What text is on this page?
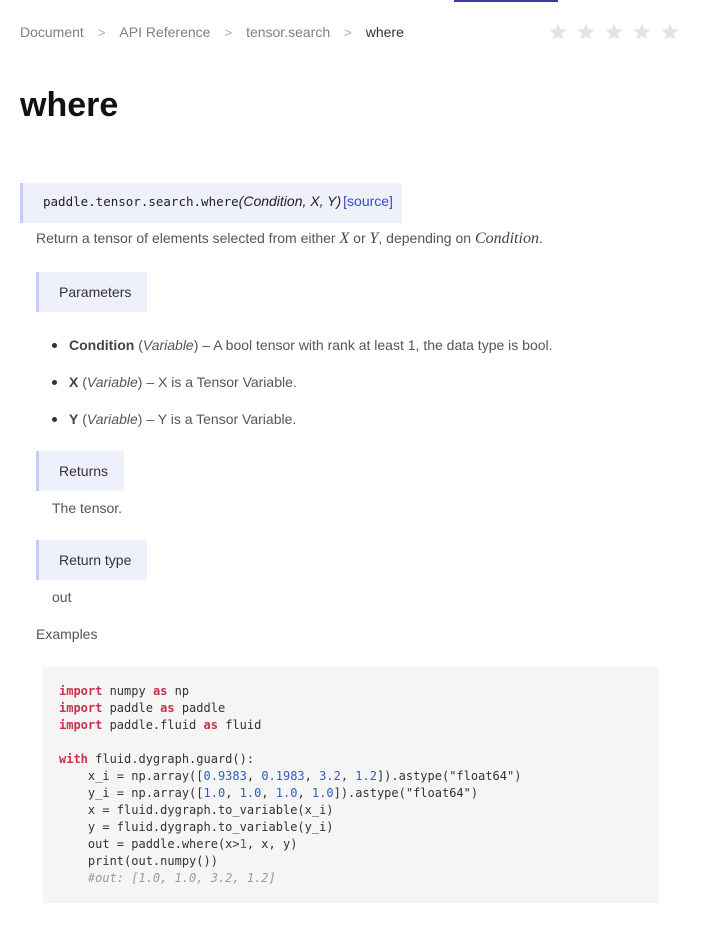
Document > API Reference > tensor.search > where
where
paddle.tensor.search.where(Condition, X, Y) [source]
Return a tensor of elements selected from either X or Y, depending on Condition.
Parameters
Condition (Variable) – A bool tensor with rank at least 1, the data type is bool.
X (Variable) – X is a Tensor Variable.
Y (Variable) – Y is a Tensor Variable.
Returns
The tensor.
Return type
out
Examples
import numpy as np
import paddle as paddle
import paddle.fluid as fluid

with fluid.dygraph.guard():
x_i = np.array([0.9383, 0.1983, 3.2, 1.2]).astype("float64")
y_i = np.array([1.0, 1.0, 1.0, 1.0]).astype("float64")
x = fluid.dygraph.to_variable(x_i)
y = fluid.dygraph.to_variable(y_i)
out = paddle.where(x>1, x, y)
print(out.numpy())
#out: [1.0, 1.0, 3.2, 1.2]
